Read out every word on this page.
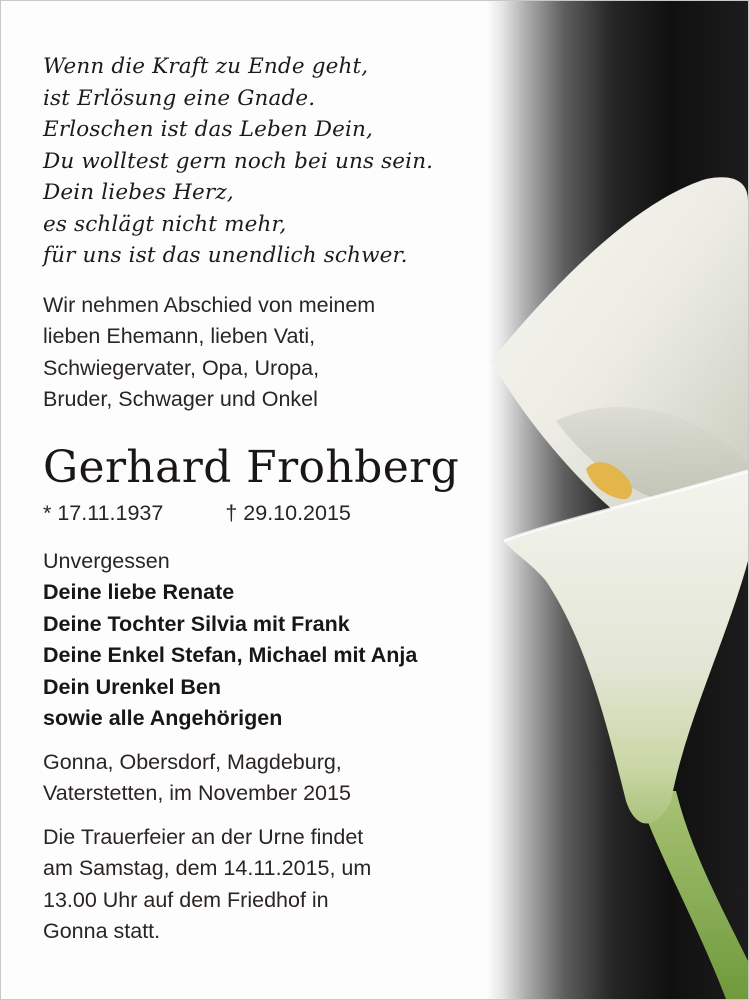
Wenn die Kraft zu Ende geht,
ist Erlösung eine Gnade.
Erloschen ist das Leben Dein,
Du wolltest gern noch bei uns sein.
Dein liebes Herz,
es schlägt nicht mehr,
für uns ist das unendlich schwer.
Wir nehmen Abschied von meinem
lieben Ehemann, lieben Vati,
Schwiegervater, Opa, Uropa,
Bruder, Schwager und Onkel
Gerhard Frohberg
* 17.11.1937	† 29.10.2015
Unvergessen
Deine liebe Renate
Deine Tochter Silvia mit Frank
Deine Enkel Stefan, Michael mit Anja
Dein Urenkel Ben
sowie alle Angehörigen
Gonna, Obersdorf, Magdeburg,
Vaterstetten, im November 2015
Die Trauerfeier an der Urne findet
am Samstag, dem 14.11.2015, um
13.00 Uhr auf dem Friedhof in
Gonna statt.
